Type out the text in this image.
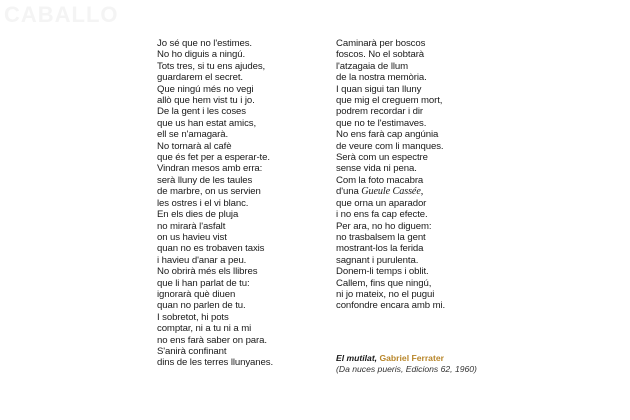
CABALLO
Jo sé que no l'estimes.
No ho diguis a ningú.
Tots tres, si tu ens ajudes,
guardarem el secret.
Que ningú més no vegi
allò que hem vist tu i jo.
De la gent i les coses
que us han estat amics,
ell se n'amagarà.
No tornarà al cafè
que és fet per a esperar-te.
Vindran mesos amb erra:
serà lluny de les taules
de marbre, on us servien
les ostres i el vi blanc.
En els dies de pluja
no mirarà l'asfalt
on us havieu vist
quan no es trobaven taxis
i havieu d'anar a peu.
No obrirà més els llibres
que li han parlat de tu:
ignorarà què diuen
quan no parlen de tu.
I sobretot, hi pots
comptar, ni a tu ni a mi
no ens farà saber on para.
S'anirà confinant
dins de les terres llunyanes.
Caminarà per boscos
foscos. No el sobtarà
l'atzagaia de llum
de la nostra memòria.
I quan sigui tan lluny
que mig el creguem mort,
podrem recordar i dir
que no te l'estimaves.
No ens farà cap angúnia
de veure com li manques.
Serà com un espectre
sense vida ni pena.
Com la foto macabra
d'una Gueule Cassée,
que orna un aparador
i no ens fa cap efecte.
Per ara, no ho diguem:
no trasbalsem la gent
mostrant-los la ferida
sagnant i purulenta.
Donem-li temps i oblit.
Callem, fins que ningú,
ni jo mateix, no el pugui
confondre encara amb mi.
El mutilat, Gabriel Ferrater
(Da nuces pueris, Edicions 62, 1960)
